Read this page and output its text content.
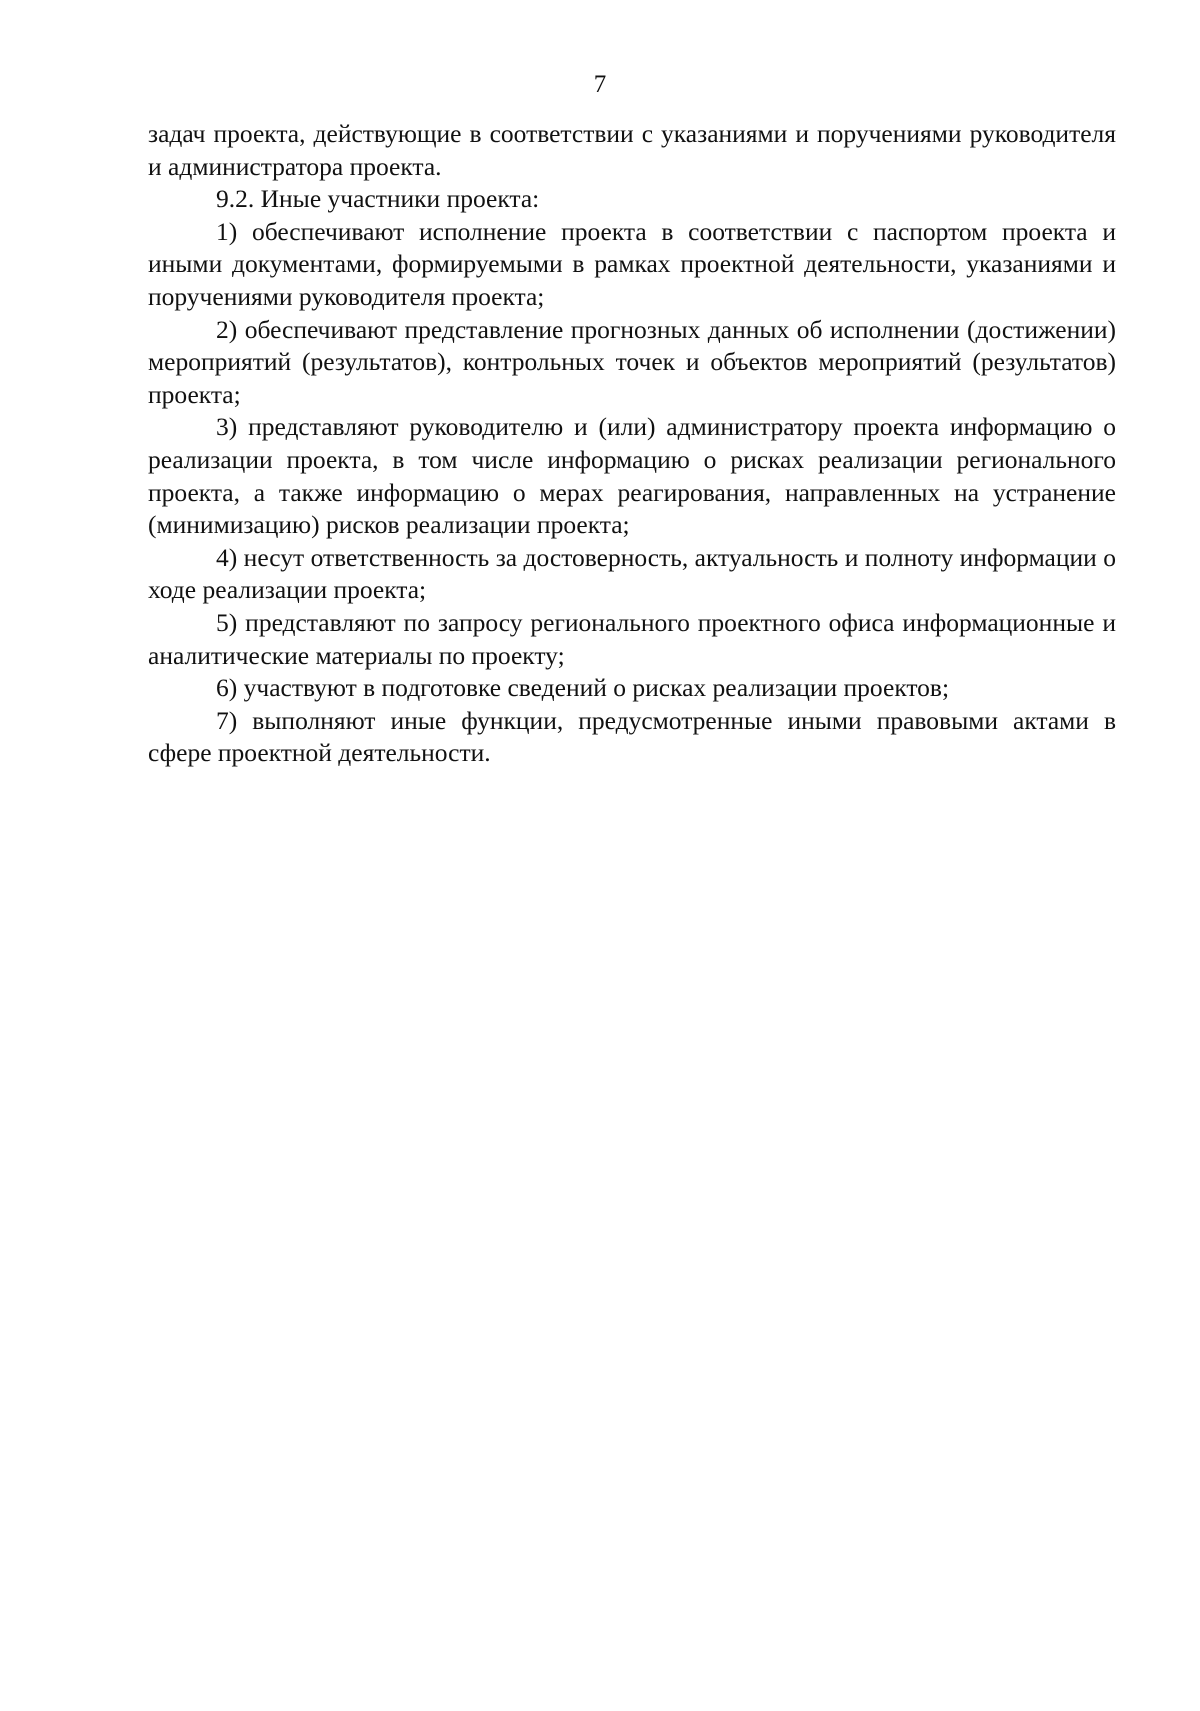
7

задач проекта, действующие в соответствии с указаниями и поручениями руководителя и администратора проекта.

9.2. Иные участники проекта:

1) обеспечивают исполнение проекта в соответствии с паспортом проекта и иными документами, формируемыми в рамках проектной деятельности, указаниями и поручениями руководителя проекта;

2) обеспечивают представление прогнозных данных об исполнении (достижении) мероприятий (результатов), контрольных точек и объектов мероприятий (результатов) проекта;

3) представляют руководителю и (или) администратору проекта информацию о реализации проекта, в том числе информацию о рисках реализации регионального проекта, а также информацию о мерах реагирования, направленных на устранение (минимизацию) рисков реализации проекта;

4) несут ответственность за достоверность, актуальность и полноту информации о ходе реализации проекта;

5) представляют по запросу регионального проектного офиса информационные и аналитические материалы по проекту;

6) участвуют в подготовке сведений о рисках реализации проектов;

7) выполняют иные функции, предусмотренные иными правовыми актами в сфере проектной деятельности.
